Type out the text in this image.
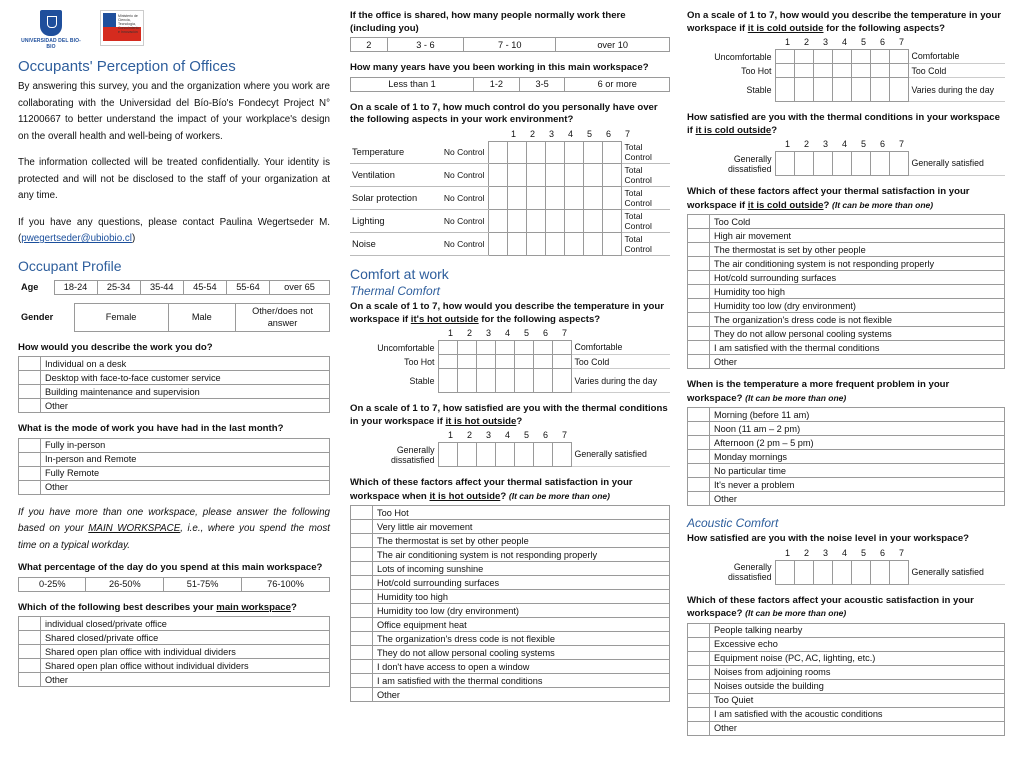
UNIVERSIDAD DEL BIO-BIO
Ministerio de Ciencia, Tecnología, Conocimiento e Innovación
Occupants' Perception of Offices

By answering this survey, you and the organization where you work are collaborating with the Universidad del Bío-Bío's Fondecyt Project N° 11200667 to better understand the impact of your workplace's design on the overall health and well-being of workers.

The information collected will be treated confidentially. Your identity is protected and will not be disclosed to the staff of your organization at any time.

If you have any questions, please contact Paulina Wegertseder M. (pwegertseder@ubiobio.cl)

Occupant Profile
Age	18-24	25-34	35-44	45-54	55-64	over 65
Gender	Female	Male	Other/does not answer
How would you describe the work you do?
	Individual on a desk
	Desktop with face-to-face customer service
	Building maintenance and supervision
	Other
What is the mode of work you have had in the last month?
	Fully in-person
	In-person and Remote
	Fully Remote
	Other

If you have more than one workspace, please answer the following based on your MAIN WORKSPACE, i.e., where you spend the most time on a typical workday.

What percentage of the day do you spend at this main workspace?
0-25%	26-50%	51-75%	76-100%
Which of the following best describes your main workspace?
	individual closed/private office
	Shared closed/private office
	Shared open plan office with individual dividers
	Shared open plan office without individual dividers
	Other
If the office is shared, how many people normally work there (including you)
2	3 - 6	7 - 10	over 10
How many years have you been working in this main workspace?
Less than 1	1-2	3-5	6 or more
On a scale of 1 to 7, how much control do you personally have over the following aspects in your work environment?
1	2	3	4	5	6	7
Temperature	No Control								Total Control
Ventilation	No Control								Total Control
Solar protection	No Control								Total Control
Lighting	No Control								Total Control
Noise	No Control								Total Control
Comfort at work
Thermal Comfort
On a scale of 1 to 7, how would you describe the temperature in your workspace if it's hot outside for the following aspects?
1	2	3	4	5	6	7
Uncomfortable								Comfortable
Too Hot								Too Cold
Stable								Varies during the day
On a scale of 1 to 7, how satisfied are you with the thermal conditions in your workspace if it is hot outside?
1	2	3	4	5	6	7
Generally dissatisfied								Generally satisfied
Which of these factors affect your thermal satisfaction in your workspace when it is hot outside? (It can be more than one)
	Too Hot
	Very little air movement
	The thermostat is set by other people
	The air conditioning system is not responding properly
	Lots of incoming sunshine
	Hot/cold surrounding surfaces
	Humidity too high
	Humidity too low (dry environment)
	Office equipment heat
	The organization's dress code is not flexible
	They do not allow personal cooling systems
	I don't have access to open a window
	I am satisfied with the thermal conditions
	Other
On a scale of 1 to 7, how would you describe the temperature in your workspace if it is cold outside for the following aspects?
1	2	3	4	5	6	7
Uncomfortable								Comfortable
Too Hot								Too Cold
Stable								Varies during the day
How satisfied are you with the thermal conditions in your workspace if it is cold outside?
1	2	3	4	5	6	7
Generally dissatisfied								Generally satisfied
Which of these factors affect your thermal satisfaction in your workspace if it is cold outside? (It can be more than one)
	Too Cold
	High air movement
	The thermostat is set by other people
	The air conditioning system is not responding properly
	Hot/cold surrounding surfaces
	Humidity too high
	Humidity too low (dry environment)
	The organization's dress code is not flexible
	They do not allow personal cooling systems
	I am satisfied with the thermal conditions
	Other
When is the temperature a more frequent problem in your workspace? (It can be more than one)
	Morning (before 11 am)
	Noon (11 am – 2 pm)
	Afternoon (2 pm – 5 pm)
	Monday mornings
	No particular time
	It's never a problem
	Other
Acoustic Comfort
How satisfied are you with the noise level in your workspace?
1	2	3	4	5	6	7
Generally dissatisfied								Generally satisfied
Which of these factors affect your acoustic satisfaction in your workspace? (It can be more than one)
	People talking nearby
	Excessive echo
	Equipment noise (PC, AC, lighting, etc.)
	Noises from adjoining rooms
	Noises outside the building
	Too Quiet
	I am satisfied with the acoustic conditions
	Other
